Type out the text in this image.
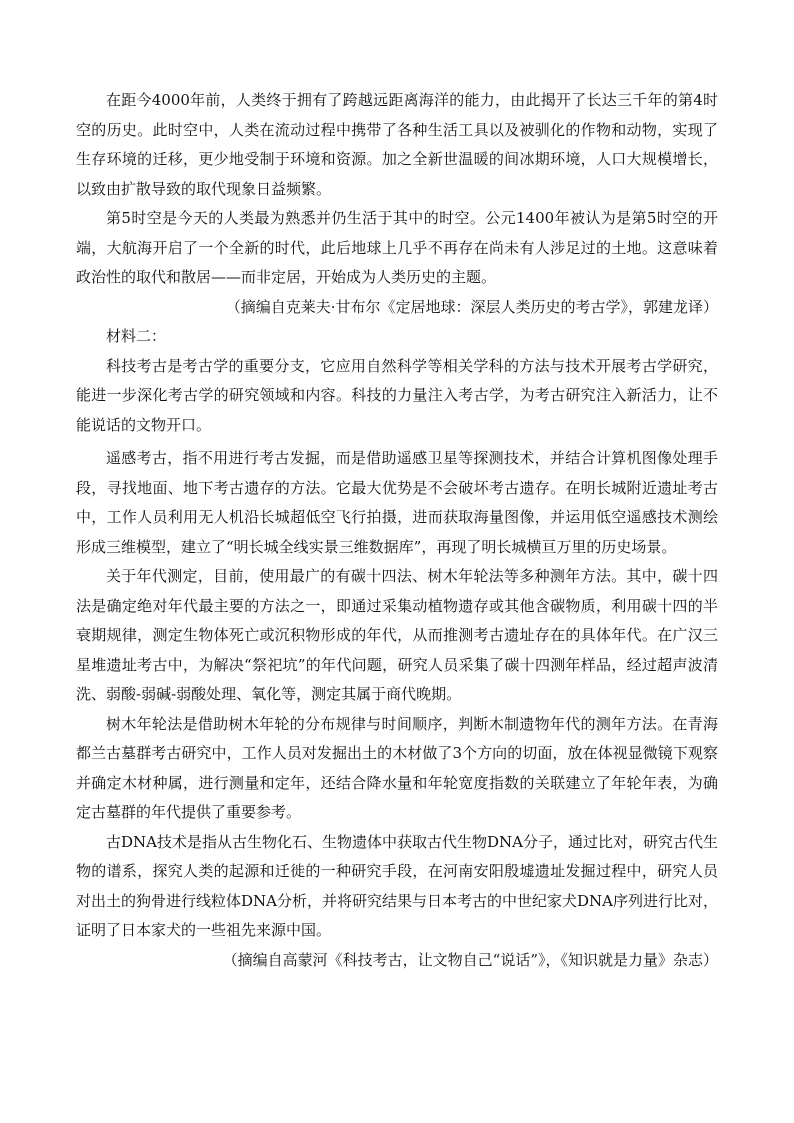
在距今4000年前，人类终于拥有了跨越远距离海洋的能力，由此揭开了长达三千年的第4时空的历史。此时空中，人类在流动过程中携带了各种生活工具以及被驯化的作物和动物，实现了生存环境的迁移，更少地受制于环境和资源。加之全新世温暖的间冰期环境，人口大规模增长，以致由扩散导致的取代现象日益频繁。

第5时空是今天的人类最为熟悉并仍生活于其中的时空。公元1400年被认为是第5时空的开端，大航海开启了一个全新的时代，此后地球上几乎不再存在尚未有人涉足过的土地。这意味着政治性的取代和散居——而非定居，开始成为人类历史的主题。

（摘编自克莱夫·甘布尔《定居地球：深层人类历史的考古学》，郭建龙译）

材料二：

科技考古是考古学的重要分支，它应用自然科学等相关学科的方法与技术开展考古学研究，能进一步深化考古学的研究领域和内容。科技的力量注入考古学，为考古研究注入新活力，让不能说话的文物开口。

遥感考古，指不用进行考古发掘，而是借助遥感卫星等探测技术，并结合计算机图像处理手段，寻找地面、地下考古遗存的方法。它最大优势是不会破坏考古遗存。在明长城附近遗址考古中，工作人员利用无人机沿长城超低空飞行拍摄，进而获取海量图像，并运用低空遥感技术测绘形成三维模型，建立了“明长城全线实景三维数据库”，再现了明长城横亘万里的历史场景。

关于年代测定，目前，使用最广的有碳十四法、树木年轮法等多种测年方法。其中，碳十四法是确定绝对年代最主要的方法之一，即通过采集动植物遗存或其他含碳物质，利用碳十四的半衰期规律，测定生物体死亡或沉积物形成的年代，从而推测考古遗址存在的具体年代。在广汉三星堆遗址考古中，为解决“祭祀坑”的年代问题，研究人员采集了碳十四测年样品，经过超声波清洗、弱酸-弱碱-弱酸处理、氧化等，测定其属于商代晚期。

树木年轮法是借助树木年轮的分布规律与时间顺序，判断木制遗物年代的测年方法。在青海都兰古墓群考古研究中，工作人员对发掘出土的木材做了3个方向的切面，放在体视显微镜下观察并确定木材种属，进行测量和定年，还结合降水量和年轮宽度指数的关联建立了年轮年表，为确定古墓群的年代提供了重要参考。

古DNA技术是指从古生物化石、生物遗体中获取古代生物DNA分子，通过比对，研究古代生物的谱系，探究人类的起源和迁徙的一种研究手段，在河南安阳殷墟遗址发掘过程中，研究人员对出土的狗骨进行线粒体DNA分析，并将研究结果与日本考古的中世纪家犬DNA序列进行比对，证明了日本家犬的一些祖先来源中国。

（摘编自高蒙河《科技考古，让文物自己“说话”》，《知识就是力量》杂志）
